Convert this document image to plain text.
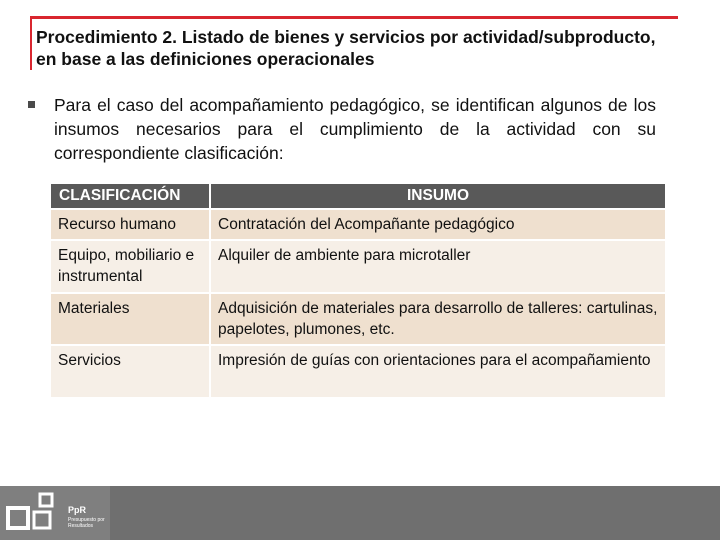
Procedimiento 2. Listado de bienes y servicios por actividad/subproducto, en base a las definiciones operacionales
Para el caso del acompañamiento pedagógico, se identifican algunos de los insumos necesarios para el cumplimiento de la actividad con su correspondiente clasificación:
CLASIFICACIÓN	INSUMO
Recurso humano	Contratación del Acompañante pedagógico
Equipo, mobiliario e instrumental	Alquiler de ambiente para microtaller
Materiales	Adquisición de materiales para desarrollo de talleres: cartulinas, papelotes, plumones, etc.
Servicios	Impresión de guías con orientaciones para el acompañamiento
PpR
Presupuesto por Resultados
